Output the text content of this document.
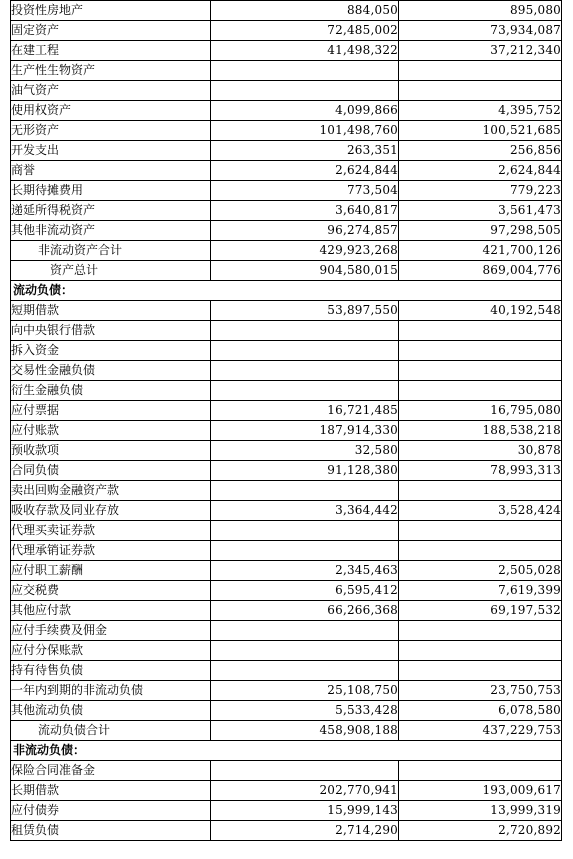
投资性房地产	884,050	895,080
固定资产	72,485,002	73,934,087
在建工程	41,498,322	37,212,340
生产性生物资产		
油气资产		
使用权资产	4,099,866	4,395,752
无形资产	101,498,760	100,521,685
开发支出	263,351	256,856
商誉	2,624,844	2,624,844
长期待摊费用	773,504	779,223
递延所得税资产	3,640,817	3,561,473
其他非流动资产	96,274,857	97,298,505
非流动资产合计	429,923,268	421,700,126
资产总计	904,580,015	869,004,776
流动负债：		
短期借款	53,897,550	40,192,548
向中央银行借款		
拆入资金		
交易性金融负债		
衍生金融负债		
应付票据	16,721,485	16,795,080
应付账款	187,914,330	188,538,218
预收款项	32,580	30,878
合同负债	91,128,380	78,993,313
卖出回购金融资产款		
吸收存款及同业存放	3,364,442	3,528,424
代理买卖证券款		
代理承销证券款		
应付职工薪酬	2,345,463	2,505,028
应交税费	6,595,412	7,619,399
其他应付款	66,266,368	69,197,532
应付手续费及佣金		
应付分保账款		
持有待售负债		
一年内到期的非流动负债	25,108,750	23,750,753
其他流动负债	5,533,428	6,078,580
流动负债合计	458,908,188	437,229,753
非流动负债：		
保险合同准备金		
长期借款	202,770,941	193,009,617
应付债券	15,999,143	13,999,319
租赁负债	2,714,290	2,720,892
